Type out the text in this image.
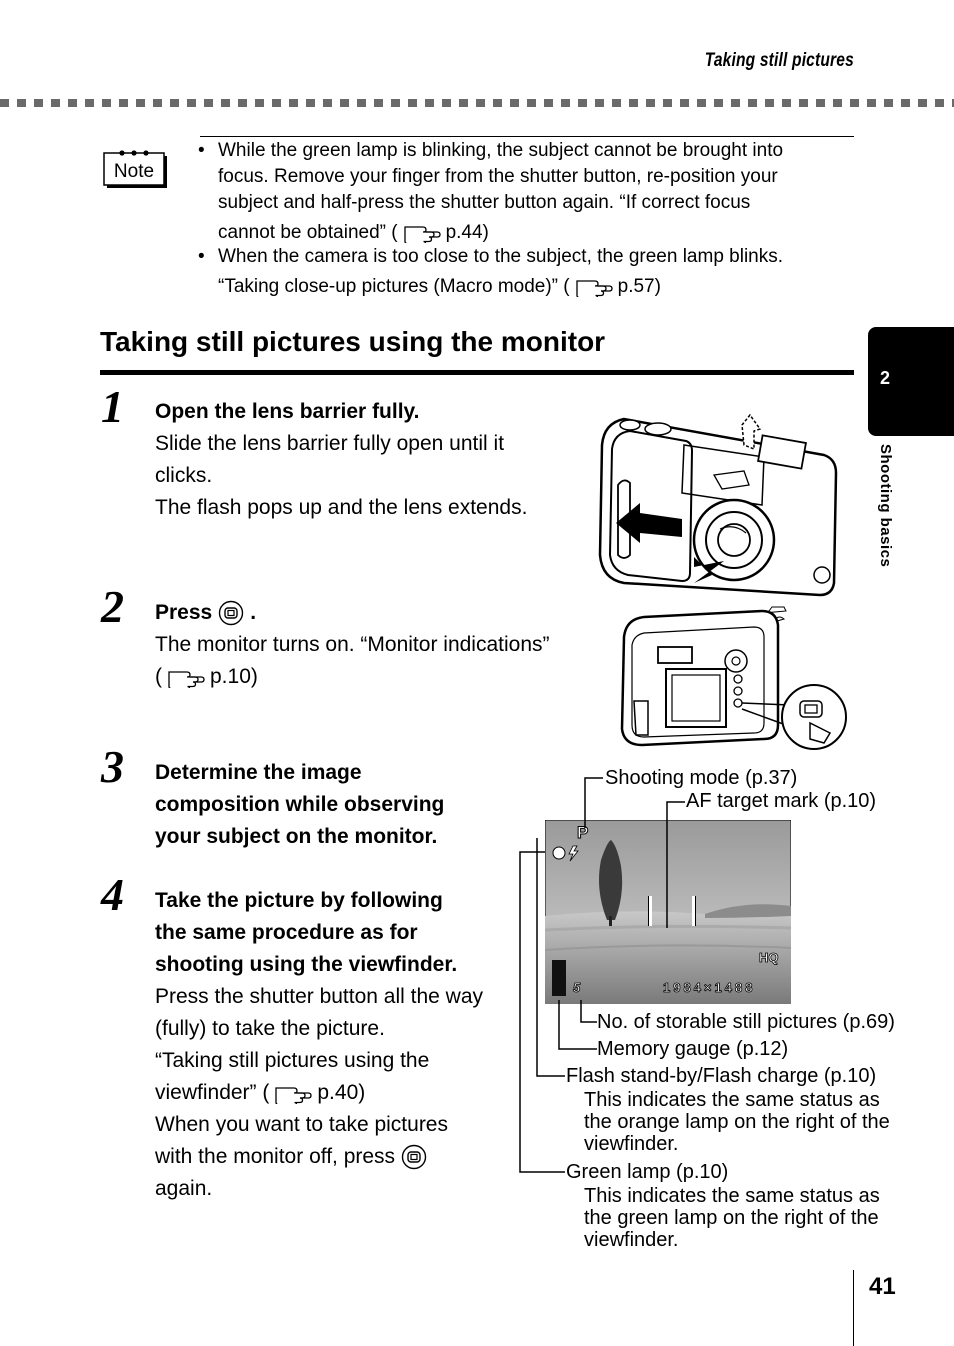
Taking still pictures
Note
• While the green lamp is blinking, the subject cannot be brought into
focus. Remove your finger from the shutter button, re-position your
subject and half-press the shutter button again. “If correct focus
cannot be obtained” (	p.44)
• When the camera is too close to the subject, the green lamp blinks.
“Taking close-up pictures (Macro mode)” (	p.57)
Taking still pictures using the monitor
2
Shooting basics
1 Open the lens barrier fully.
Slide the lens barrier fully open until it
clicks.
The flash pops up and the lens extends.
2 Press .
The monitor turns on. “Monitor indications”
( p.10)
3 Determine the image
composition while observing
your subject on the monitor.
4 Take the picture by following
the same procedure as for
shooting using the viewfinder.
Press the shutter button all the way
(fully) to take the picture.
“Taking still pictures using the
viewfinder” ( p.40)
When you want to take pictures
with the monitor off, press
again.
P
HQ
5	1984×1488
Shooting mode (p.37)
AF target mark (p.10)
No. of storable still pictures (p.69)
Memory gauge (p.12)
Flash stand-by/Flash charge (p.10)
This indicates the same status as
the orange lamp on the right of the
viewfinder.
Green lamp (p.10)
This indicates the same status as
the green lamp on the right of the
viewfinder.
41
